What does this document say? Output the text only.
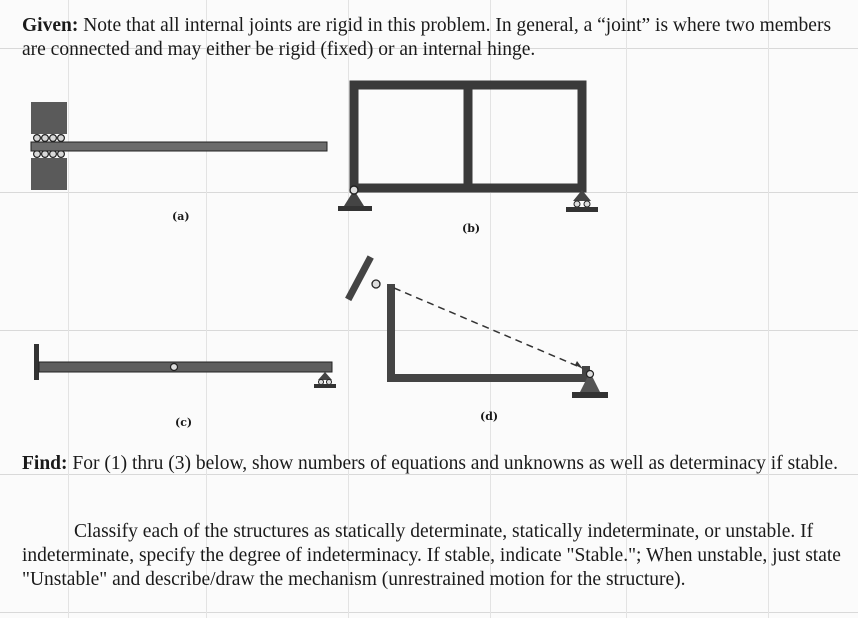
Given: Note that all internal joints are rigid in this problem. In general, a “joint” is where two members are connected and may either be rigid (fixed) or an internal hinge.
(a)
(b)
(c)	(d)
Find: For (1) thru (3) below, show numbers of equations and unknowns as well as determinacy if stable.
Classify each of the structures as statically determinate, statically indeterminate, or unstable. If indeterminate, specify the degree of indeterminacy. If stable, indicate "Stable."; When unstable, just state "Unstable" and describe/draw the mechanism (unrestrained motion for the structure).
